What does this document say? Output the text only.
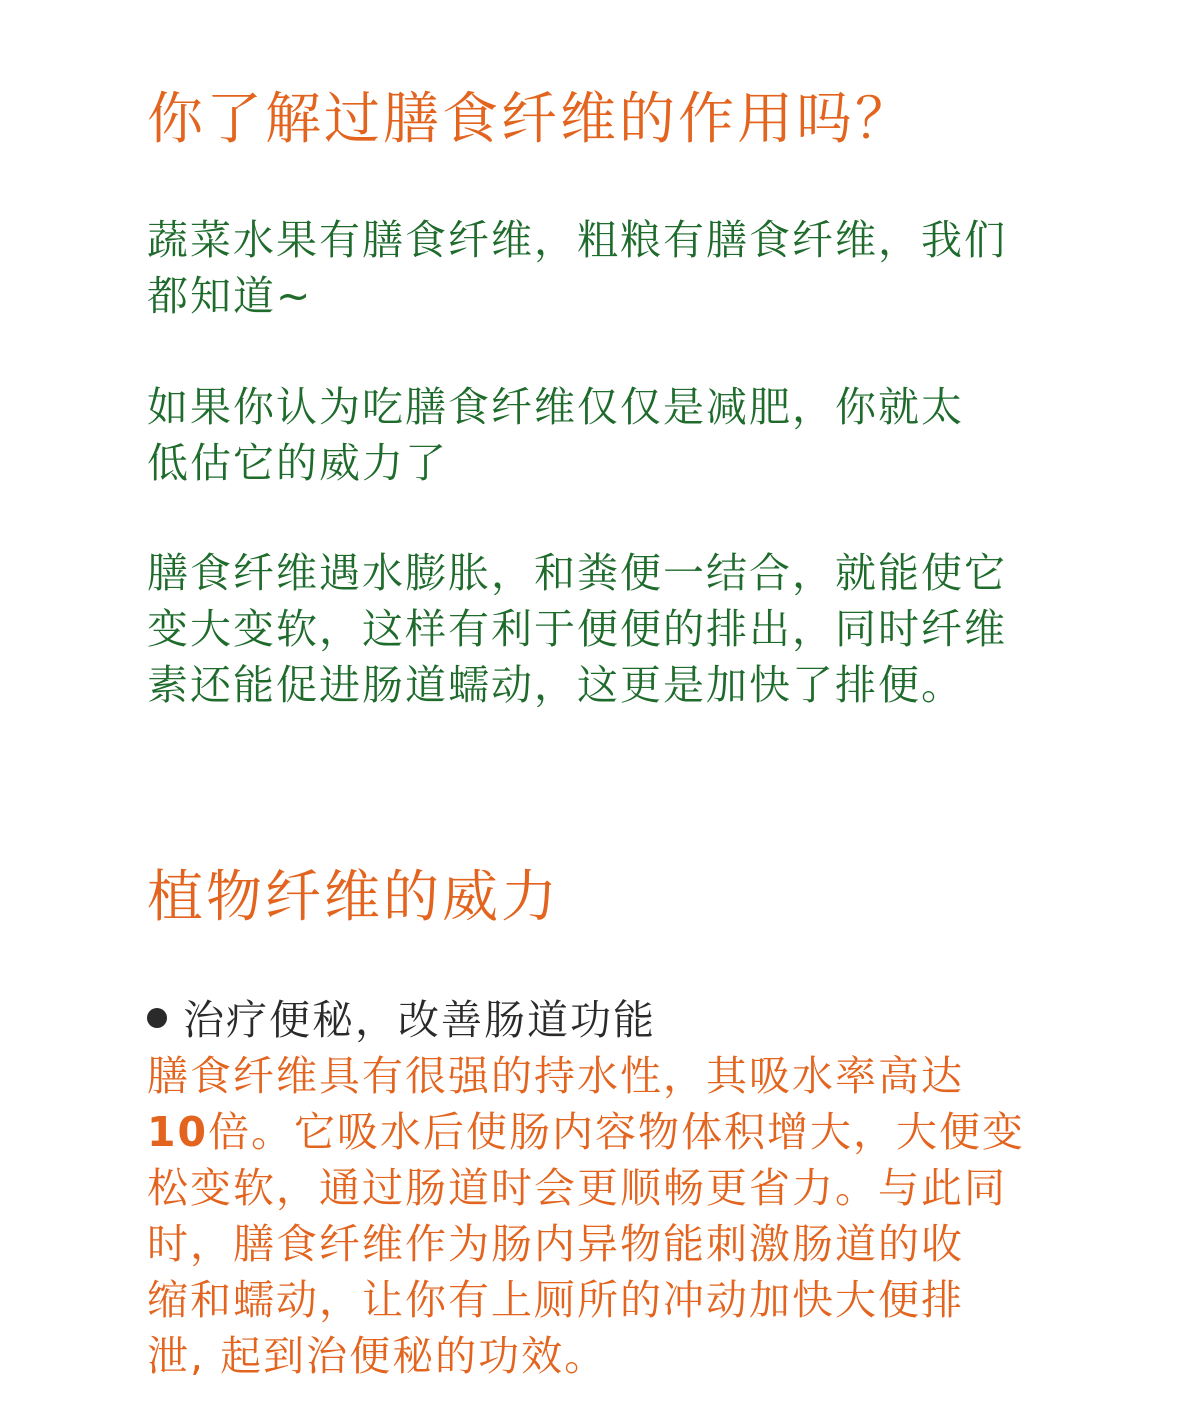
你了解过膳食纤维的作用吗？

蔬菜水果有膳食纤维，粗粮有膳食纤维，我们
都知道~

如果你认为吃膳食纤维仅仅是减肥，你就太
低估它的威力了

膳食纤维遇水膨胀，和粪便一结合，就能使它
变大变软，这样有利于便便的排出，同时纤维
素还能促进肠道蠕动，这更是加快了排便。

植物纤维的威力

治疗便秘，改善肠道功能

膳食纤维具有很强的持水性，其吸水率高达
10倍。它吸水后使肠内容物体积增大，大便变
松变软，通过肠道时会更顺畅更省力。与此同
时，膳食纤维作为肠内异物能刺激肠道的收
缩和蠕动，让你有上厕所的冲动加快大便排
泄, 起到治便秘的功效。
